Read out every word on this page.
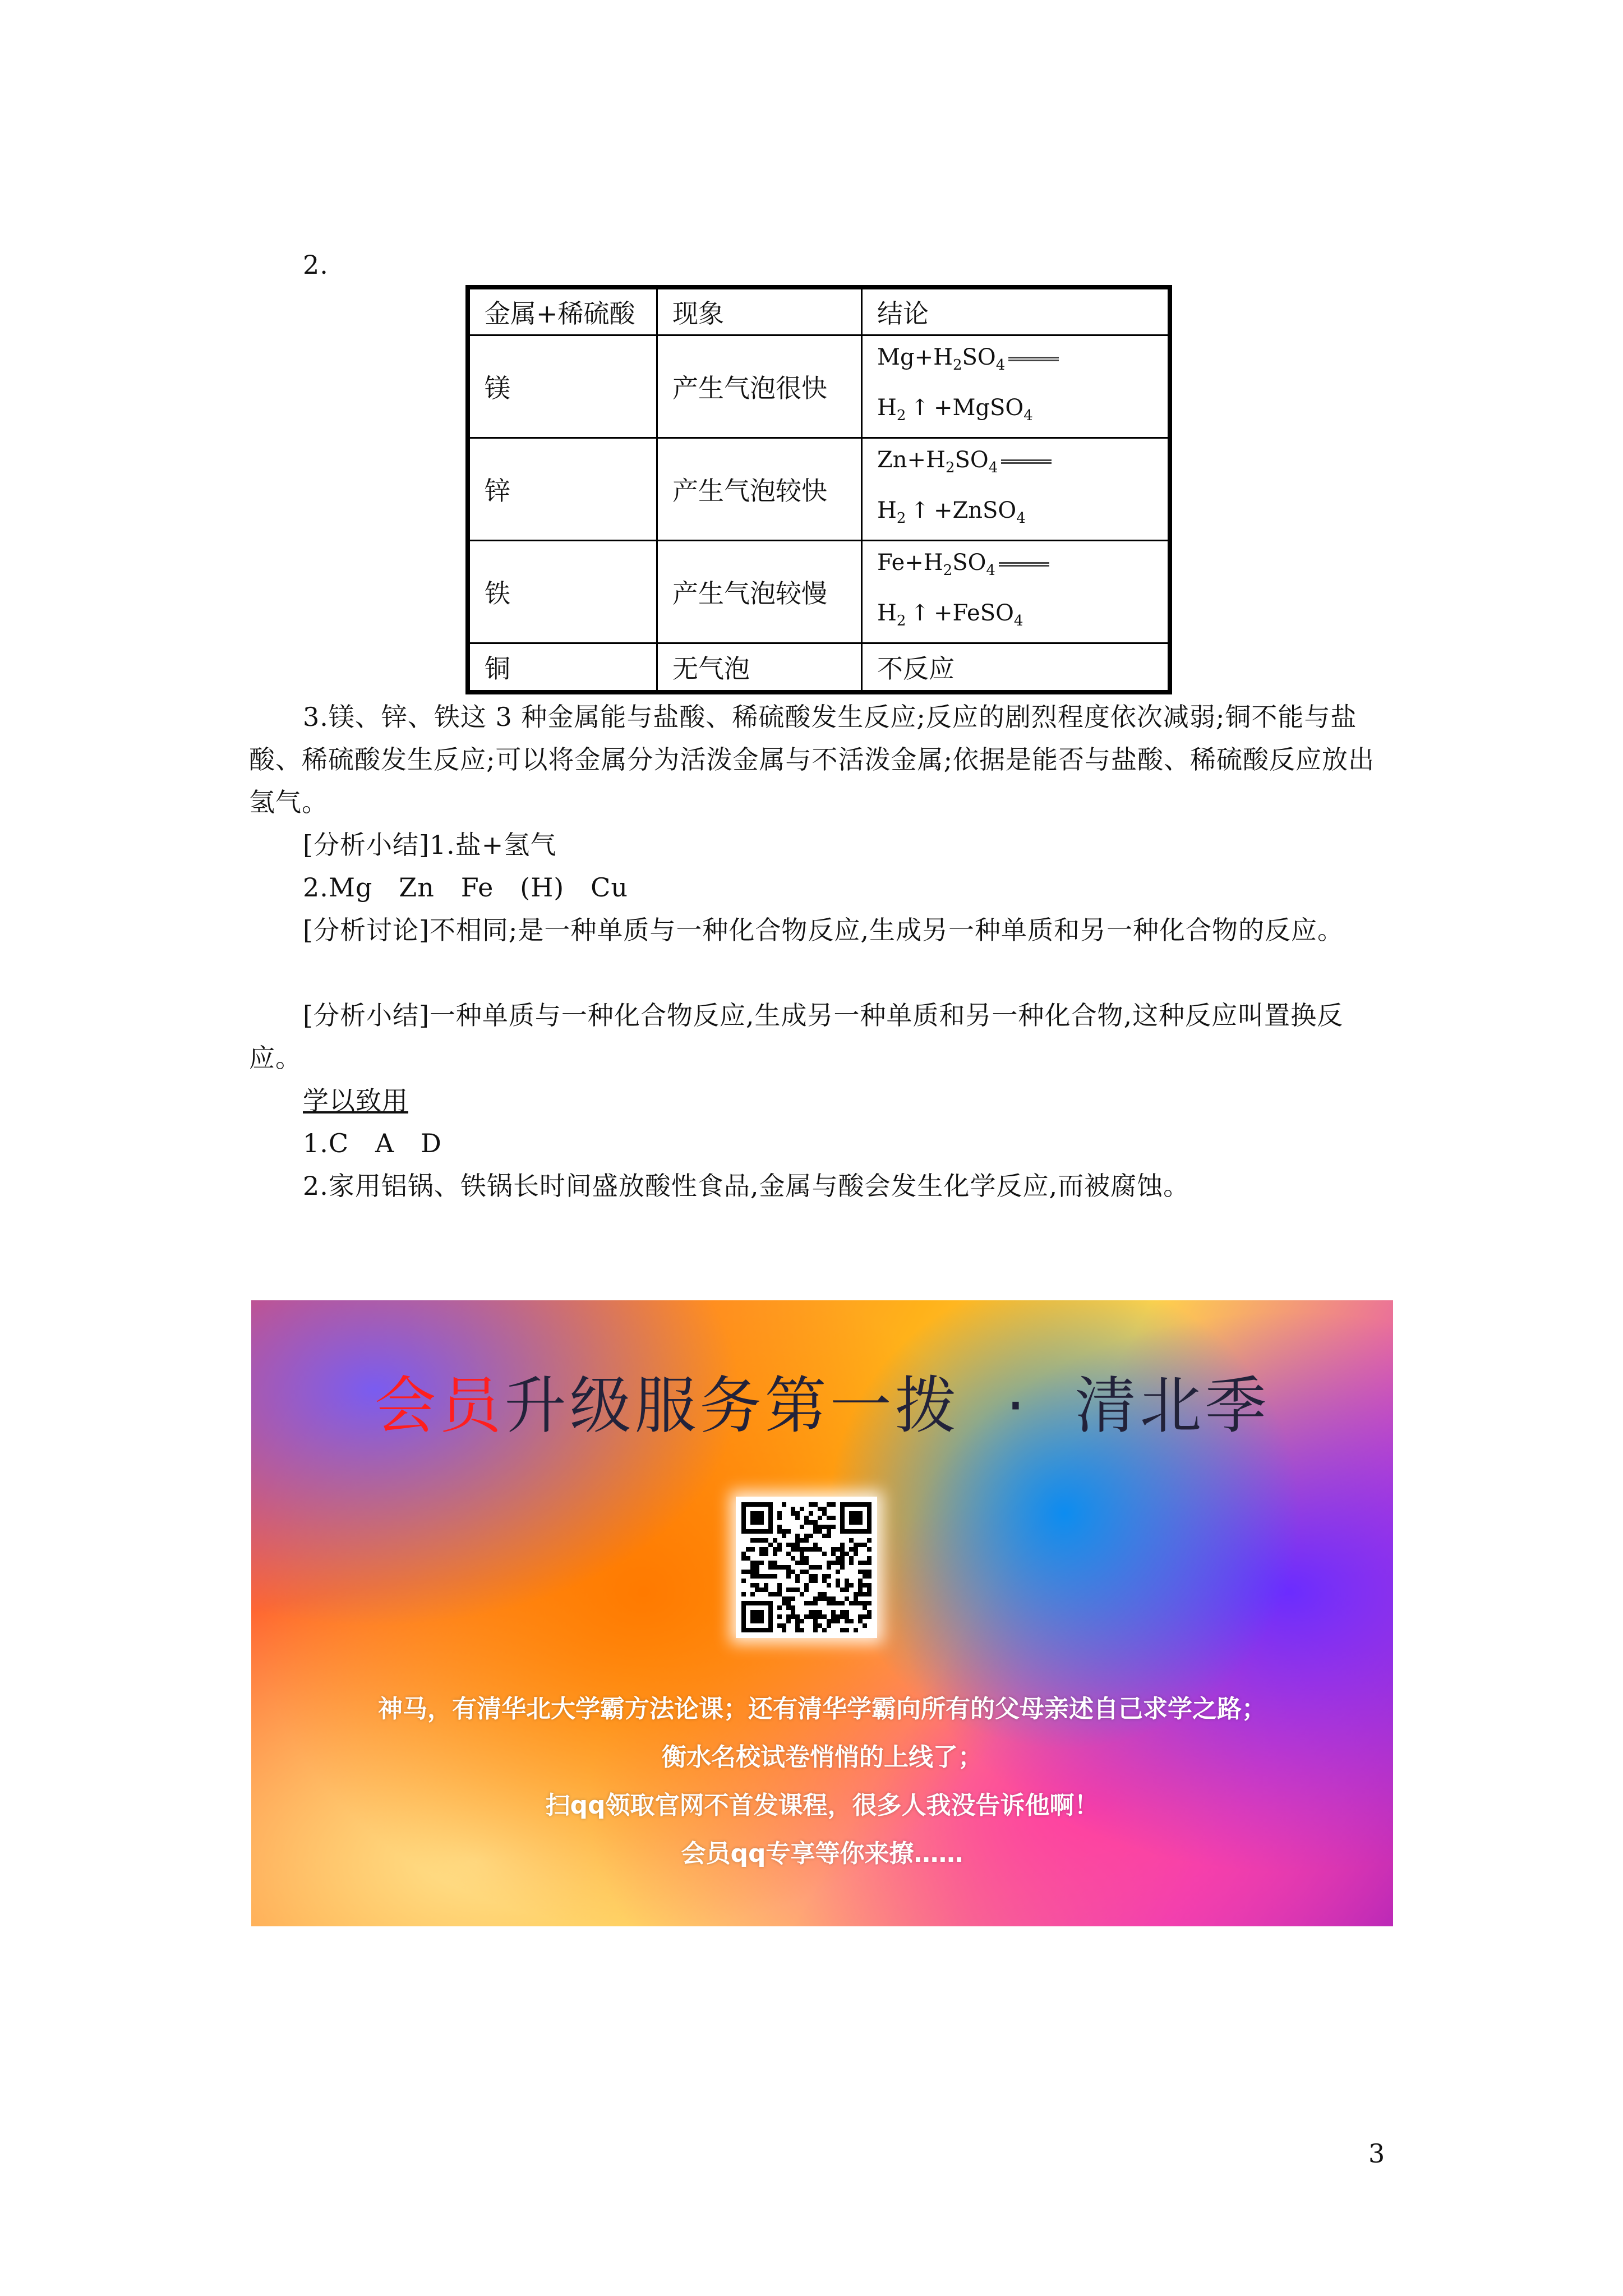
2.
金属+稀硫酸	现象	结论
镁	产生气泡很快	$Mg+H_2SO_4$
$H_2$ ↑ +MgSO$_4$

锌	产生气泡较快	$Zn+H_2SO_4$
$H_2$ ↑ +ZnSO$_4$

铁	产生气泡较慢	$Fe+H_2SO_4$
$H_2$ ↑ +FeSO$_4$

铜	无气泡	不反应
3.镁、锌、铁这 3 种金属能与盐酸、稀硫酸发生反应;反应的剧烈程度依次减弱;铜不能与盐酸、稀硫酸发生反应;可以将金属分为活泼金属与不活泼金属;依据是能否与盐酸、稀硫酸反应放出氢气。
[分析小结]1.盐+氢气
2.Mg   Zn   Fe   (H)   Cu
[分析讨论]不相同;是一种单质与一种化合物反应,生成另一种单质和另一种化合物的反应。
[分析小结]一种单质与一种化合物反应,生成另一种单质和另一种化合物,这种反应叫置换反应。
学以致用
1.C   A   D
2.家用铝锅、铁锅长时间盛放酸性食品,金属与酸会发生化学反应,而被腐蚀。
会员升级服务第一拨  ·  清北季
神马，有清华北大学霸方法论课；还有清华学霸向所有的父母亲述自己求学之路；
衡水名校试卷悄悄的上线了；
扫qq领取官网不首发课程，很多人我没告诉他啊！
会员qq专享等你来撩……
3
